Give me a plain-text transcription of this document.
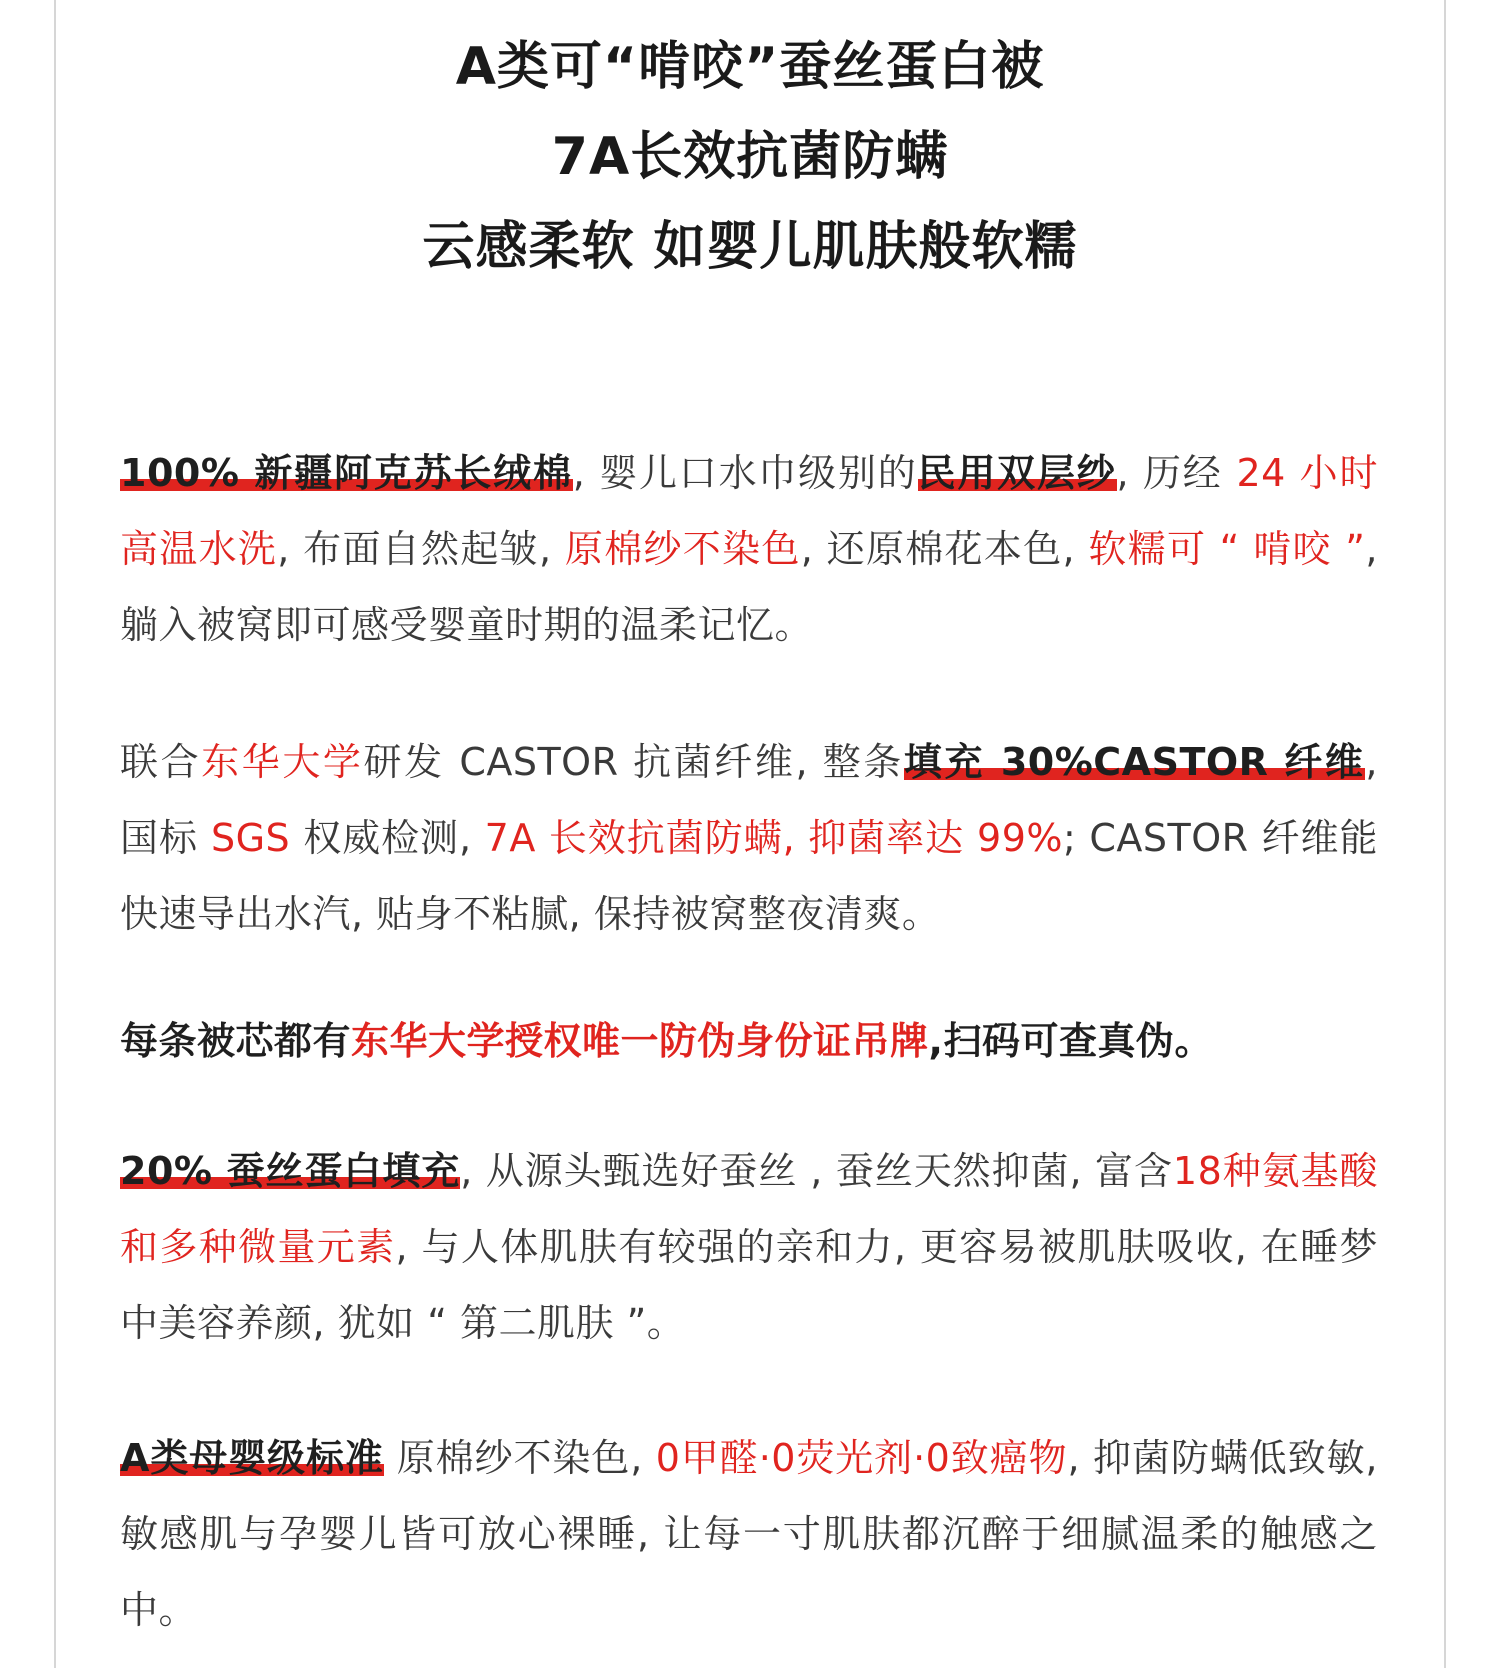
A类可“啃咬”蚕丝蛋白被
7A长效抗菌防螨
云感柔软 如婴儿肌肤般软糯

100% 新疆阿克苏长绒棉, 婴儿口水巾级别的民用双层纱, 历经 24 小时高温水洗, 布面自然起皱, 原棉纱不染色, 还原棉花本色, 软糯可 “ 啃咬 ”, 躺入被窝即可感受婴童时期的温柔记忆。

联合东华大学研发 CASTOR 抗菌纤维, 整条填充 30%CASTOR 纤维, 国标 SGS 权威检测, 7A 长效抗菌防螨, 抑菌率达 99%; CASTOR 纤维能快速导出水汽, 贴身不粘腻, 保持被窝整夜清爽。

每条被芯都有东华大学授权唯一防伪身份证吊牌,扫码可查真伪。

20% 蚕丝蛋白填充, 从源头甄选好蚕丝 , 蚕丝天然抑菌, 富含18种氨基酸和多种微量元素, 与人体肌肤有较强的亲和力, 更容易被肌肤吸收, 在睡梦中美容养颜, 犹如 “ 第二肌肤 ”。

A类母婴级标准 原棉纱不染色, 0甲醛·0荧光剂·0致癌物, 抑菌防螨低致敏, 敏感肌与孕婴儿皆可放心裸睡, 让每一寸肌肤都沉醉于细腻温柔的触感之中。
